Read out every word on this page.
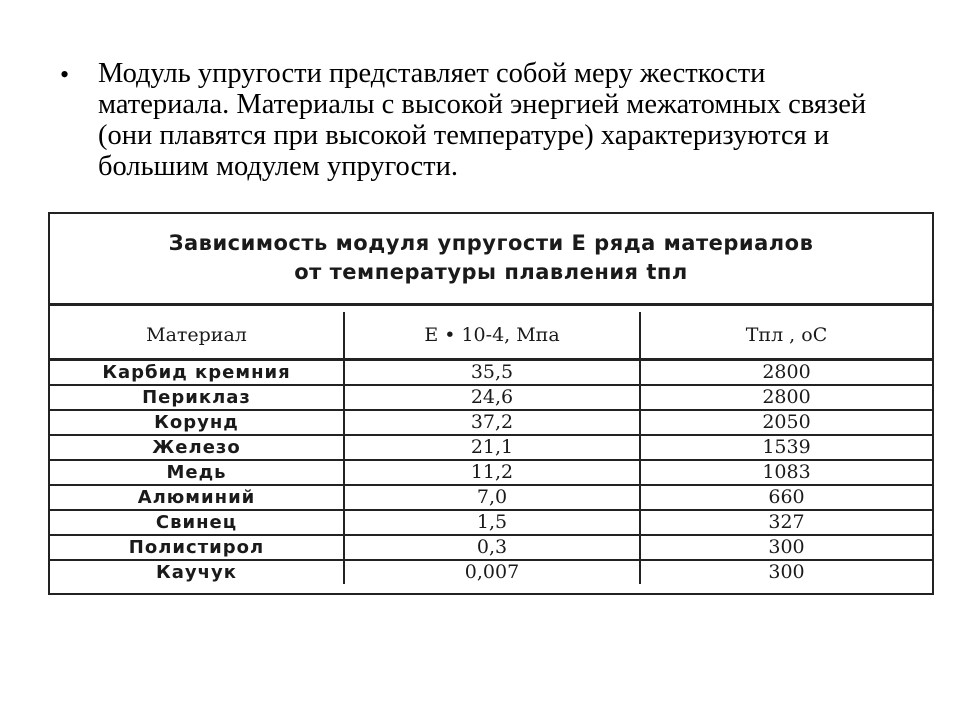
•	Модуль упругости представляет собой меру жесткости материала. Материалы с высокой энергией межатомных связей (они плавятся при высокой температуре) характеризуются и большим модулем упругости.
Зависимость модуля упругости E ряда материалов
от температуры плавления tпл
Материал	E • 10-4, Мпа	Тпл , oC
Карбид кремния	35,5	2800
Периклаз	24,6	2800
Корунд	37,2	2050
Железо	21,1	1539
Медь	11,2	1083
Алюминий	7,0	660
Свинец	1,5	327
Полистирол	0,3	300
Каучук	0,007	300
